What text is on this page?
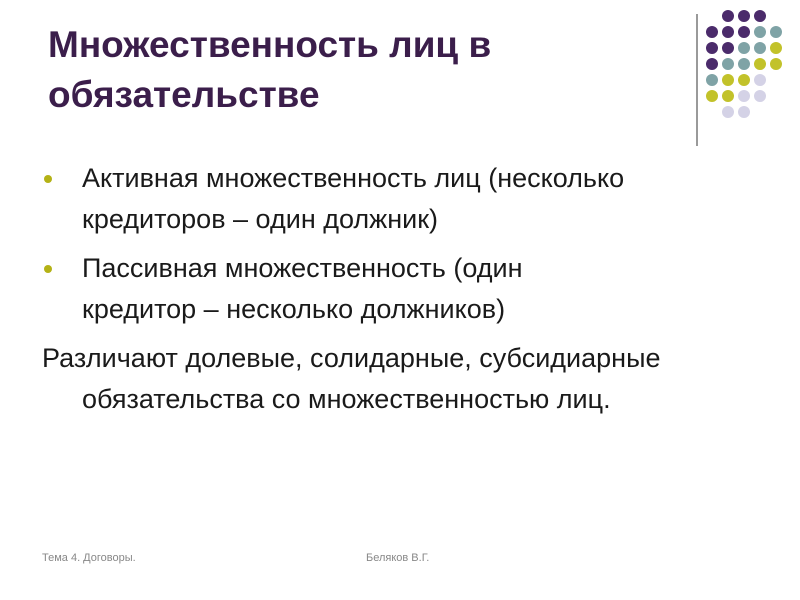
Множественность лиц в
обязательстве
Активная множественность лиц (несколько
кредиторов – один должник)
Пассивная множественность (один
кредитор – несколько должников)
Различают долевые, солидарные, субсидиарные обязательства со множественностью лиц.
Тема 4. Договоры.	Беляков В.Г.
